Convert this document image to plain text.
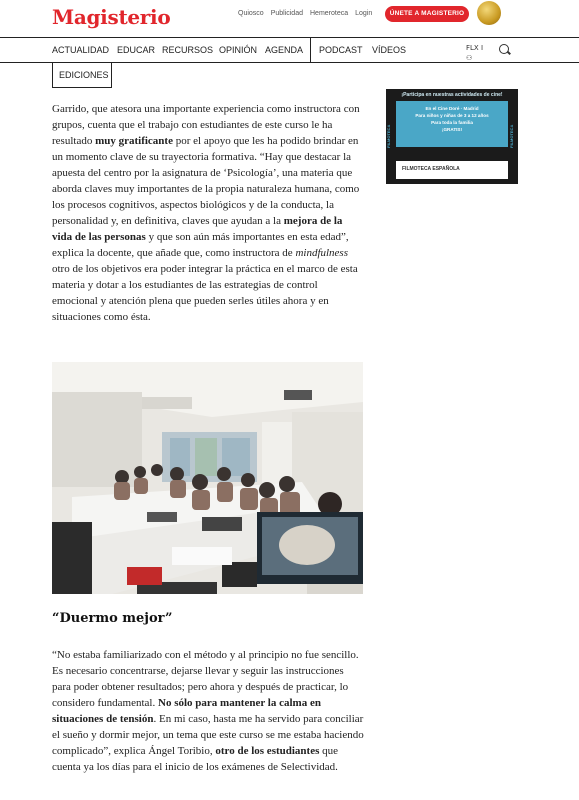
Magisterio	Quiosco Publicidad Hemeroteca Login	ÚNETE A MAGISTERIO
ACTUALIDAD EDUCAR RECURSOS OPINIÓN AGENDA PODCAST VÍDEOS	FLX I
⚇
EDICIONES

Garrido, que atesora una importante experiencia como instructora con grupos, cuenta que el trabajo con estudiantes de este curso le ha resultado muy gratificante por el apoyo que les ha podido brindar en un momento clave de su trayectoria formativa. “Hay que destacar la apuesta del centro por la asignatura de ‘Psicología’, una materia que aborda claves muy importantes de la propia naturaleza humana, como los procesos cognitivos, aspectos biológicos y de la conducta, la personalidad y, en definitiva, claves que ayudan a la mejora de la vida de las personas y que son aún más importantes en esta edad”, explica la docente, que añade que, como instructora de mindfulness otro de los objetivos era poder integrar la práctica en el marco de esta materia y dotar a los estudiantes de las estrategias de control emocional y atención plena que pueden serles útiles ahora y en situaciones como ésta.

“Duermo mejor”
“No estaba familiarizado con el método y al principio no fue sencillo. Es necesario concentrarse, dejarse llevar y seguir las instrucciones para poder obtener resultados; pero ahora y después de practicar, lo considero fundamental. No sólo para mantener la calma en situaciones de tensión. En mi caso, hasta me ha servido para conciliar el sueño y dormir mejor, un tema que este curso se me estaba haciendo complicado”, explica Ángel Toribio, otro de los estudiantes que cuenta ya los días para el inicio de los exámenes de Selectividad.
FILMOTECA	FILMOTECA
¡Participa en nuestras actividades de cine!
En el Cine Doré · Madrid
Para niños y niñas de 3 a 12 años
Para toda la familia
¡GRATIS!
FILMOTECA ESPAÑOLA
